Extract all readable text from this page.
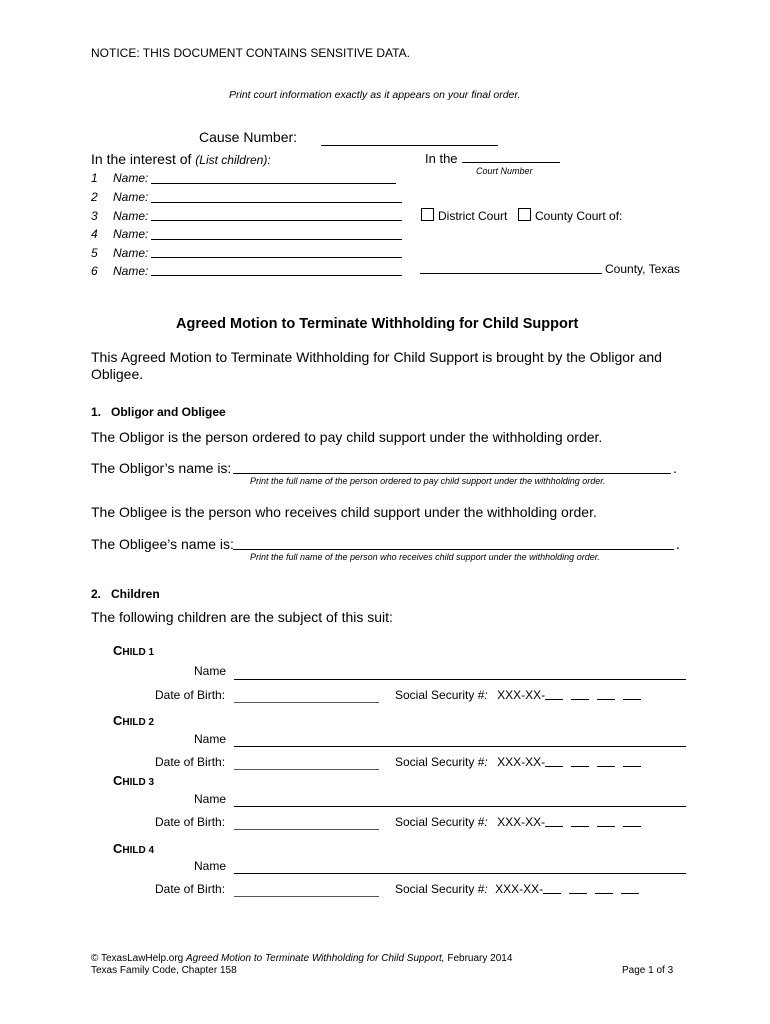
NOTICE: THIS DOCUMENT CONTAINS SENSITIVE DATA.
Print court information exactly as it appears on your final order.
Cause Number:
In the interest of (List children):	In the
Court Number
1 Name:
2 Name:
3 Name:
4 Name:
5 Name:
6 Name:
District Court	County Court of:
County, Texas
Agreed Motion to Terminate Withholding for Child Support
This Agreed Motion to Terminate Withholding for Child Support is brought by the Obligor and
Obligee.
1. Obligor and Obligee
The Obligor is the person ordered to pay child support under the withholding order.
The Obligor’s name is:	.
Print the full name of the person ordered to pay child support under the withholding order.
The Obligee is the person who receives child support under the withholding order.
The Obligee’s name is:	.
Print the full name of the person who receives child support under the withholding order.
2. Children
The following children are the subject of this suit:
CHILD 1
Name
Date of Birth:	Social Security #: XXX-XX-
CHILD 2
Name
Date of Birth:	Social Security #: XXX-XX-
CHILD 3
Name
Date of Birth:	Social Security #: XXX-XX-
CHILD 4
Name
Date of Birth:	Social Security #: XXX-XX-
© TexasLawHelp.org Agreed Motion to Terminate Withholding for Child Support, February 2014
Texas Family Code, Chapter 158	Page 1 of 3
